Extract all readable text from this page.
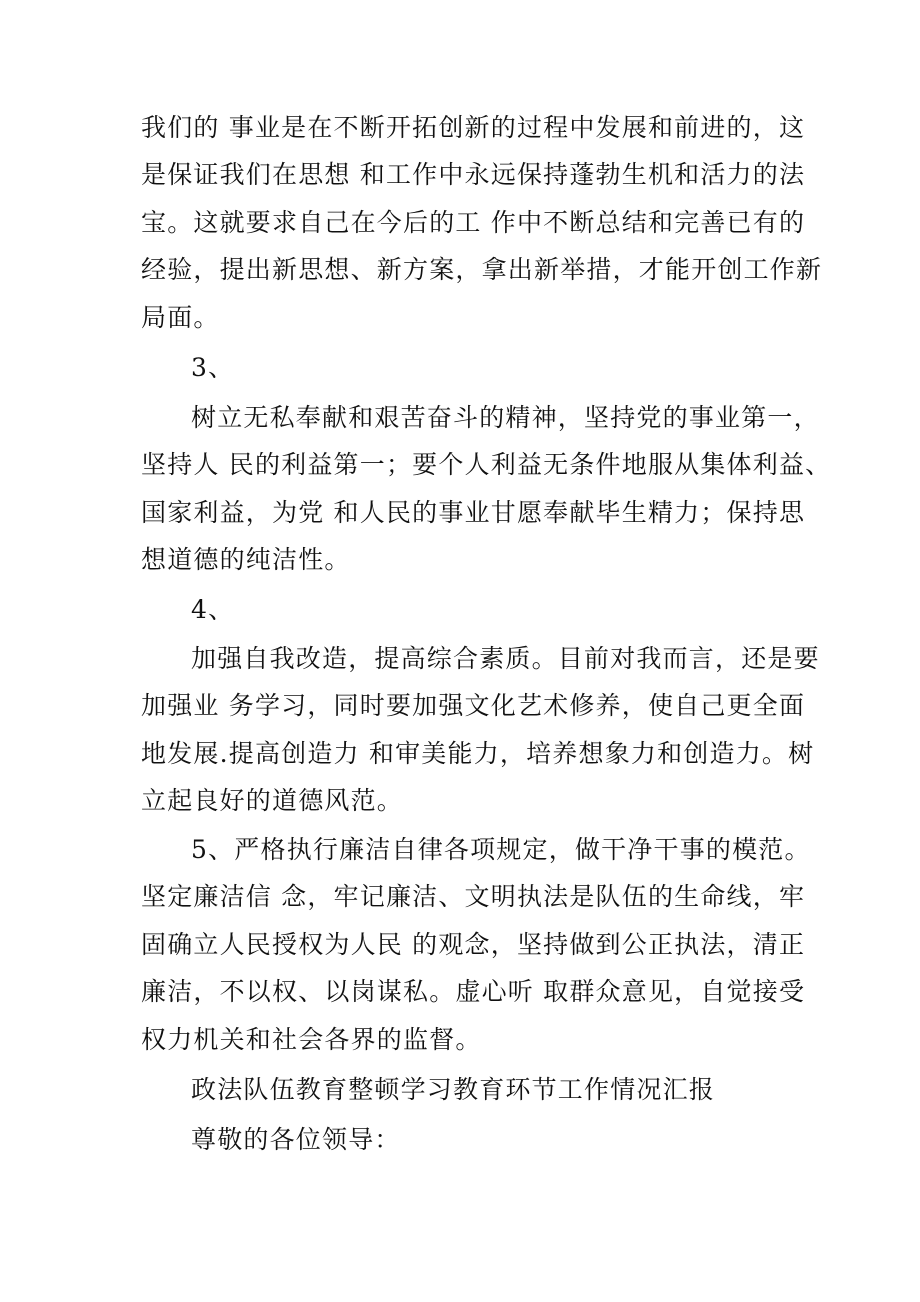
我们的 事业是在不断开拓创新的过程中发展和前进的，这
是保证我们在思想 和工作中永远保持蓬勃生机和活力的法
宝。这就要求自己在今后的工 作中不断总结和完善已有的
经验，提出新思想、新方案，拿出新举措，才能开创工作新
局面。
3、
树立无私奉献和艰苦奋斗的精神，坚持党的事业第一，
坚持人 民的利益第一；要个人利益无条件地服从集体利益、
国家利益，为党 和人民的事业甘愿奉献毕生精力；保持思
想道德的纯洁性。
4、
加强自我改造，提高综合素质。目前对我而言，还是要
加强业 务学习，同时要加强文化艺术修养，使自己更全面
地发展.提高创造力 和审美能力，培养想象力和创造力。树
立起良好的道德风范。
5、严格执行廉洁自律各项规定，做干净干事的模范。
坚定廉洁信 念，牢记廉洁、文明执法是队伍的生命线，牢
固确立人民授权为人民 的观念，坚持做到公正执法，清正
廉洁，不以权、以岗谋私。虚心听 取群众意见，自觉接受
权力机关和社会各界的监督。
政法队伍教育整顿学习教育环节工作情况汇报
尊敬的各位领导：
